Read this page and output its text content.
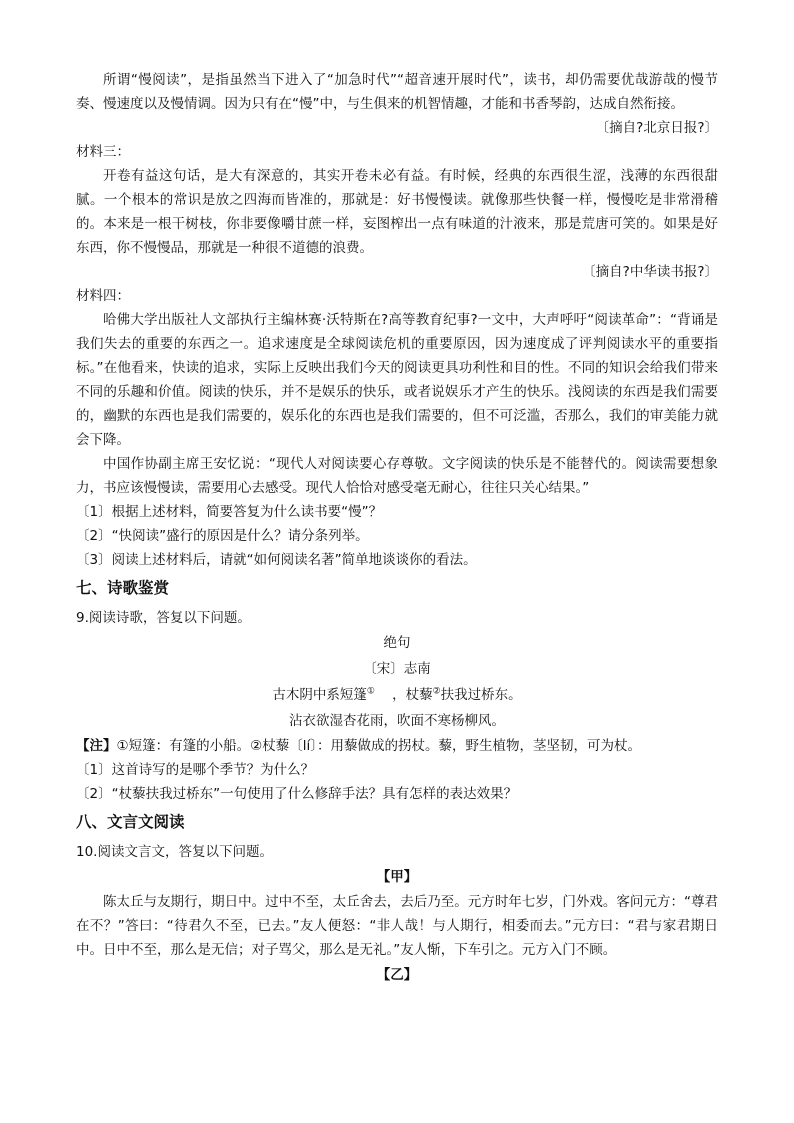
所谓“慢阅读”，是指虽然当下进入了“加急时代”“超音速开展时代”，读书，却仍需要优哉游哉的慢节奏、慢速度以及慢情调。因为只有在“慢”中，与生俱来的机智情趣，才能和书香琴韵，达成自然衔接。

〔摘自?北京日报?〕

材料三：

开卷有益这句话，是大有深意的，其实开卷未必有益。有时候，经典的东西很生涩，浅薄的东西很甜腻。一个根本的常识是放之四海而皆准的，那就是：好书慢慢读。就像那些快餐一样，慢慢吃是非常滑稽的。本来是一根干树枝，你非要像嚼甘蔗一样，妄图榨出一点有味道的汁液来，那是荒唐可笑的。如果是好东西，你不慢慢品，那就是一种很不道德的浪费。

〔摘自?中华读书报?〕

材料四：

哈佛大学出版社人文部执行主编林赛·沃特斯在?高等教育纪事?一文中，大声呼吁“阅读革命”：“背诵是我们失去的重要的东西之一。追求速度是全球阅读危机的重要原因，因为速度成了评判阅读水平的重要指标。”在他看来，快读的追求，实际上反映出我们今天的阅读更具功利性和目的性。不同的知识会给我们带来不同的乐趣和价值。阅读的快乐，并不是娱乐的快乐，或者说娱乐才产生的快乐。浅阅读的东西是我们需要的，幽默的东西也是我们需要的，娱乐化的东西也是我们需要的，但不可泛滥，否那么，我们的审美能力就会下降。

中国作协副主席王安忆说：“现代人对阅读要心存尊敬。文字阅读的快乐是不能替代的。阅读需要想象力，书应该慢慢读，需要用心去感受。现代人恰恰对感受毫无耐心，往往只关心结果。”

〔1〕根据上述材料，简要答复为什么读书要“慢”？

〔2〕“快阅读”盛行的原因是什么？请分条列举。

〔3〕阅读上述材料后，请就“如何阅读名著”简单地谈谈你的看法。

七、诗歌鉴赏

9.阅读诗歌，答复以下问题。

绝句

〔宋〕志南

古木阴中系短篷① ，杖藜②扶我过桥东。

沾衣欲湿杏花雨，吹面不寒杨柳风。

【注】①短篷：有篷的小船。②杖藜〔lí〕：用藜做成的拐杖。藜，野生植物，茎坚韧，可为杖。

〔1〕这首诗写的是哪个季节？为什么？

〔2〕“杖藜扶我过桥东”一句使用了什么修辞手法？具有怎样的表达效果？

八、文言文阅读

10.阅读文言文，答复以下问题。

【甲】

陈太丘与友期行，期日中。过中不至，太丘舍去，去后乃至。元方时年七岁，门外戏。客问元方：“尊君在不？”答曰：“待君久不至，已去。”友人便怒：“非人哉！与人期行，相委而去。”元方曰：“君与家君期日中。日中不至，那么是无信；对子骂父，那么是无礼。”友人惭，下车引之。元方入门不顾。

【乙】
